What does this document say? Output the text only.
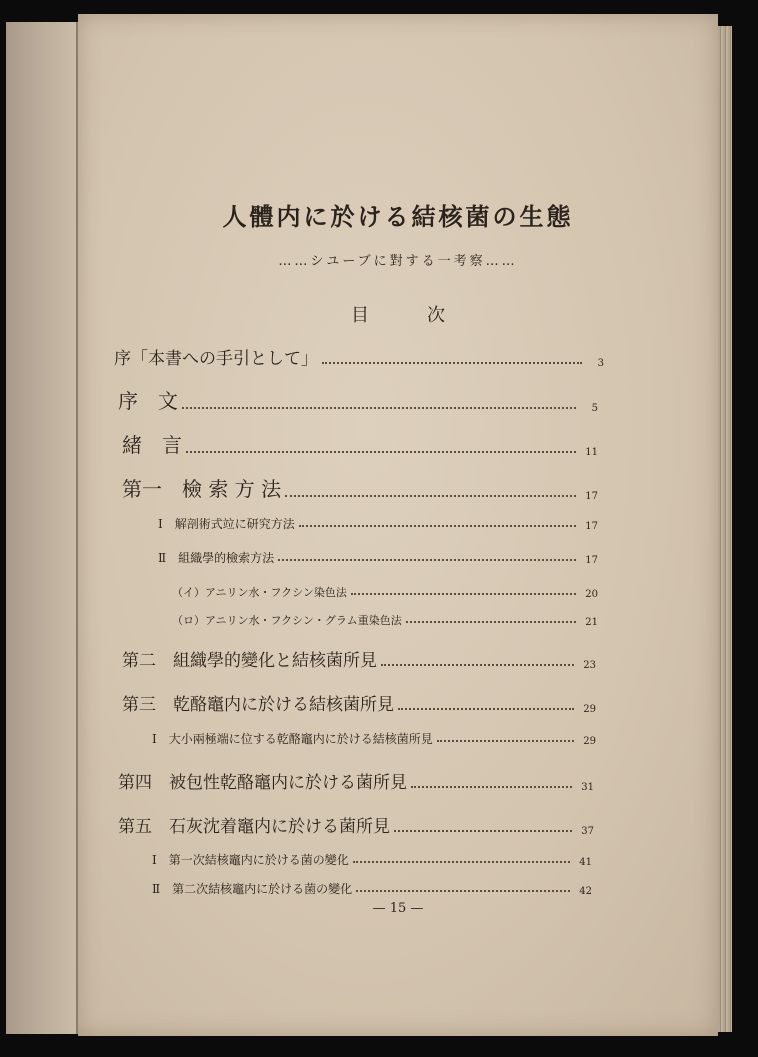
人體内に於ける結核菌の生態
……シユーブに對する一考察……
目次
序「本書への手引として」	3
序　文	5
緒　言	11
第一　檢 索 方 法	17
Ⅰ　解剖術式竝に研究方法	17
Ⅱ　組織學的檢索方法	17
（イ）アニリン水・フクシン染色法	20
（ロ）アニリン水・フクシン・グラム重染色法	21
第二　組織學的變化と結核菌所見	23
第三　乾酪竈内に於ける結核菌所見	29
Ⅰ　大小兩極端に位する乾酪竈内に於ける結核菌所見	29
第四　被包性乾酪竈内に於ける菌所見	31
第五　石灰沈着竈内に於ける菌所見	37
Ⅰ　第一次結核竈内に於ける菌の變化	41
Ⅱ　第二次結核竈内に於ける菌の變化	42
— 15 —
